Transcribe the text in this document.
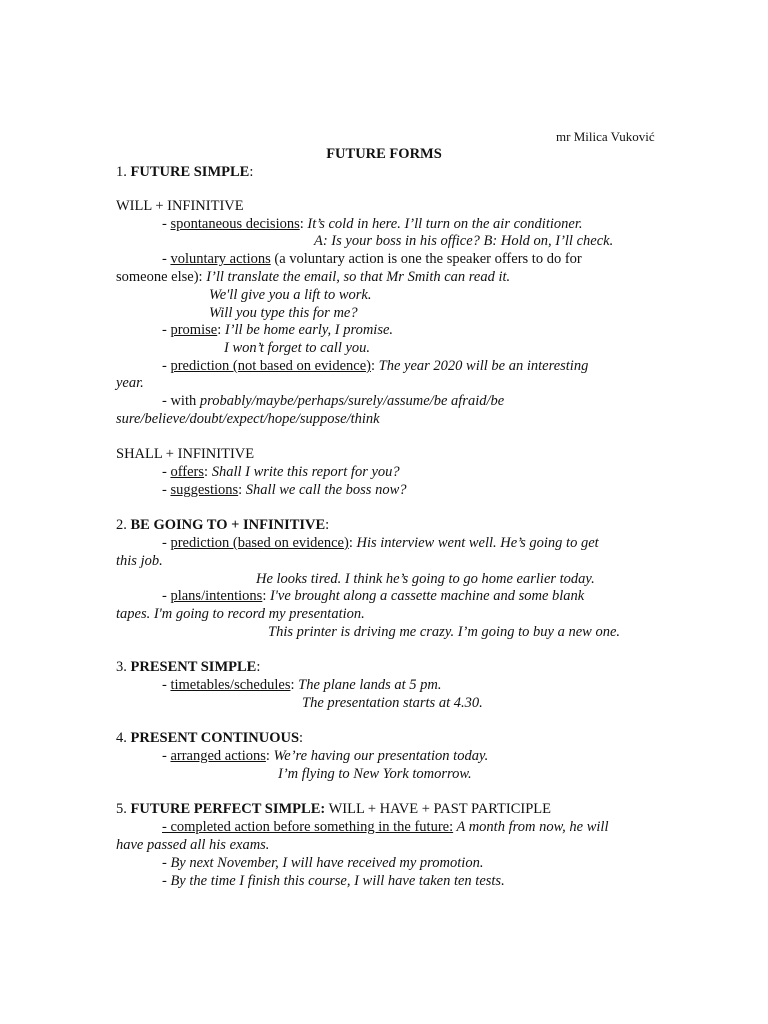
mr Milica Vuković
FUTURE FORMS
1. FUTURE SIMPLE:
WILL + INFINITIVE
- spontaneous decisions: It’s cold in here. I’ll turn on the air conditioner.
A: Is your boss in his office? B: Hold on, I’ll check.
- voluntary actions (a voluntary action is one the speaker offers to do for
someone else): I’ll translate the email, so that Mr Smith can read it.
We'll give you a lift to work.
Will you type this for me?
- promise: I’ll be home early, I promise.
I won’t forget to call you.
- prediction (not based on evidence): The year 2020 will be an interesting
year.
- with probably/maybe/perhaps/surely/assume/be afraid/be
sure/believe/doubt/expect/hope/suppose/think
SHALL + INFINITIVE
- offers: Shall I write this report for you?
- suggestions: Shall we call the boss now?
2. BE GOING TO + INFINITIVE:
- prediction (based on evidence): His interview went well. He’s going to get
this job.
He looks tired. I think he’s going to go home earlier today.
- plans/intentions: I've brought along a cassette machine and some blank
tapes. I'm going to record my presentation.
This printer is driving me crazy. I’m going to buy a new one.
3. PRESENT SIMPLE:
- timetables/schedules: The plane lands at 5 pm.
The presentation starts at 4.30.
4. PRESENT CONTINUOUS:
- arranged actions: We’re having our presentation today.
I’m flying to New York tomorrow.
5. FUTURE PERFECT SIMPLE: WILL + HAVE + PAST PARTICIPLE
- completed action before something in the future: A month from now, he will
have passed all his exams.
- By next November, I will have received my promotion.
- By the time I finish this course, I will have taken ten tests.
